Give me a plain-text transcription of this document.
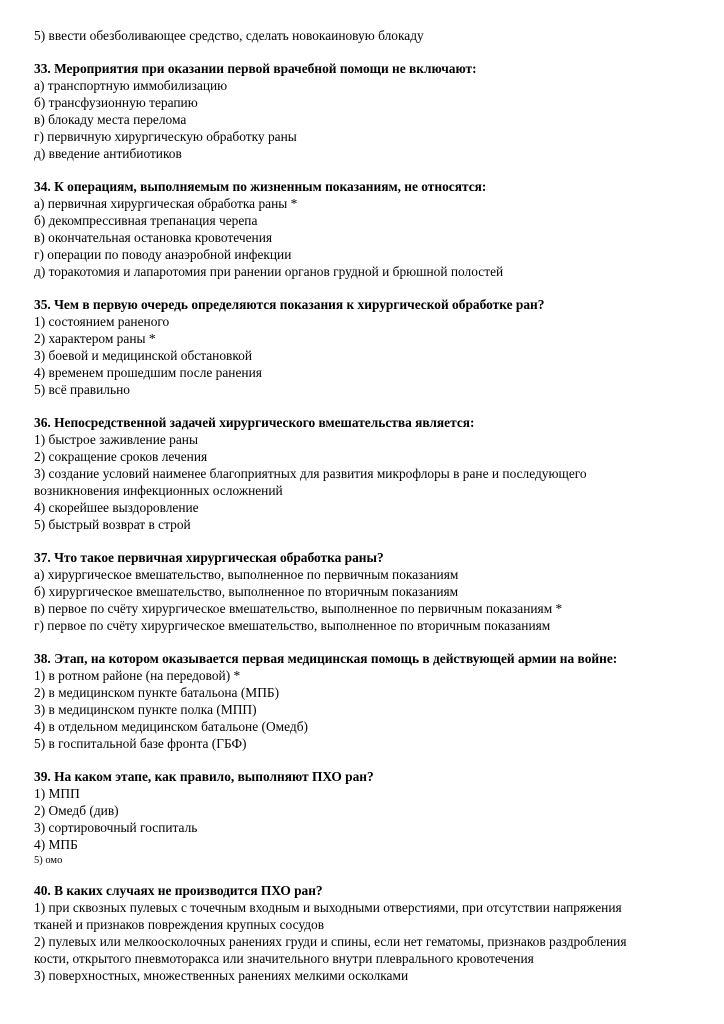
5) ввести обезболивающее средство, сделать новокаиновую блокаду
33. Мероприятия при оказании первой врачебной помощи не включают:
а) транспортную иммобилизацию
б) трансфузионную терапию
в) блокаду места перелома
г) первичную хирургическую обработку раны
д) введение антибиотиков
34. К операциям, выполняемым по жизненным показаниям, не относятся:
а) первичная хирургическая обработка раны *
б) декомпрессивная трепанация черепа
в) окончательная остановка кровотечения
г) операции по поводу анаэробной инфекции
д) торакотомия и лапаротомия при ранении органов грудной и брюшной полостей
35. Чем в первую очередь определяются показания к хирургической обработке ран?
1) состоянием раненого
2) характером раны *
3) боевой и медицинской обстановкой
4) временем прошедшим после ранения
5) всё правильно
36. Непосредственной задачей хирургического вмешательства является:
1) быстрое заживление раны
2) сокращение сроков лечения
3) создание условий наименее благоприятных для развития микрофлоры в ране и последующего
возникновения инфекционных осложнений
4) скорейшее выздоровление
5) быстрый возврат в строй
37. Что такое первичная хирургическая обработка раны?
а) хирургическое вмешательство, выполненное по первичным показаниям
б) хирургическое вмешательство, выполненное по вторичным показаниям
в) первое по счёту хирургическое вмешательство, выполненное по первичным показаниям *
г) первое по счёту хирургическое вмешательство, выполненное по вторичным показаниям
38. Этап, на котором оказывается первая медицинская помощь в действующей армии на войне:
1) в ротном районе (на передовой) *
2) в медицинском пункте батальона (МПБ)
3) в медицинском пункте полка (МПП)
4) в отдельном медицинском батальоне (Омедб)
5) в госпитальной базе фронта (ГБФ)
39. На каком этапе, как правило, выполняют ПХО ран?
1) МПП
2) Омедб (див)
3) сортировочный госпиталь
4) МПБ
5) омо
40. В каких случаях не производится ПХО ран?
1) при сквозных пулевых с точечным входным и выходными отверстиями, при отсутствии напряжения
тканей и признаков повреждения крупных сосудов
2) пулевых или мелкоосколочных ранениях груди и спины, если нет гематомы, признаков раздробления
кости, открытого пневмоторакса или значительного внутри плеврального кровотечения
3) поверхностных, множественных ранениях мелкими осколками
